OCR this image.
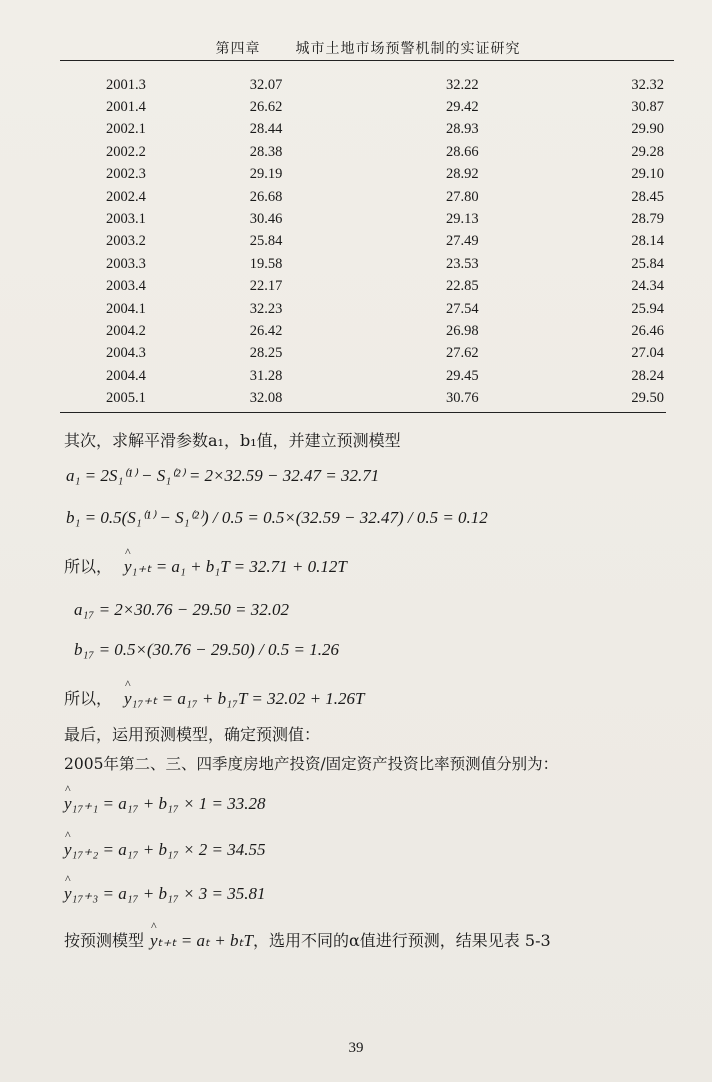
第四章 城市土地市场预警机制的实证研究
2001.3	32.07	32.22	32.32
2001.4	26.62	29.42	30.87
2002.1	28.44	28.93	29.90
2002.2	28.38	28.66	29.28
2002.3	29.19	28.92	29.10
2002.4	26.68	27.80	28.45
2003.1	30.46	29.13	28.79
2003.2	25.84	27.49	28.14
2003.3	19.58	23.53	25.84
2003.4	22.17	22.85	24.34
2004.1	32.23	27.54	25.94
2004.2	26.42	26.98	26.46
2004.3	28.25	27.62	27.04
2004.4	31.28	29.45	28.24
2005.1	32.08	30.76	29.50
其次，求解平滑参数a₁，b₁值，并建立预测模型
a₁ = 2S₁⁽¹⁾ − S₁⁽²⁾ = 2×32.59 − 32.47 = 32.71
b₁ = 0.5(S₁⁽¹⁾ − S₁⁽²⁾) / 0.5 = 0.5×(32.59 − 32.47) / 0.5 = 0.12
所以， ^ y₁₊ₜ = a₁ + b₁T = 32.71 + 0.12T
a₁₇ = 2×30.76 − 29.50 = 32.02
b₁₇ = 0.5×(30.76 − 29.50) / 0.5 = 1.26
所以， ^ y₁₇₊ₜ = a₁₇ + b₁₇T = 32.02 + 1.26T
最后，运用预测模型，确定预测值：
2005年第二、三、四季度房地产投资/固定资产投资比率预测值分别为：
^ y₁₇₊₁ = a₁₇ + b₁₇ × 1 = 33.28
^ y₁₇₊₂ = a₁₇ + b₁₇ × 2 = 34.55
^ y₁₇₊₃ = a₁₇ + b₁₇ × 3 = 35.81
按预测模型 ^ yₜ₊ₜ = aₜ + bₜT，选用不同的α值进行预测，结果见表 5-3
39
